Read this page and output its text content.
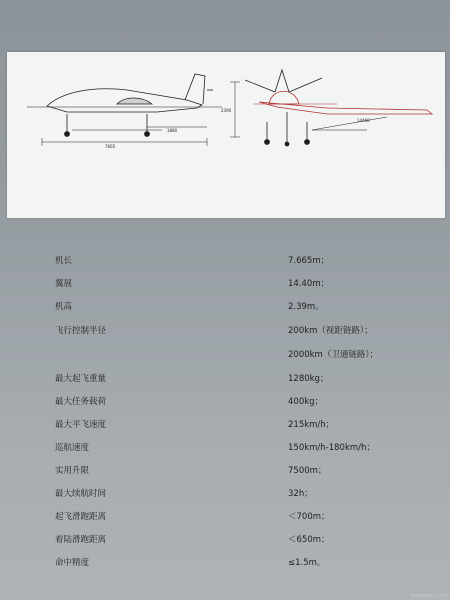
7665
1880
14400
2390
机长	7.665m；
翼展	14.40m；
机高	2.39m。
飞行控制半径	200km（视距链路）；
2000km（卫通链路）；
最大起飞重量	1280kg；
最大任务载荷	400kg；
最大平飞速度	215km/h；
巡航速度	150km/h-180km/h；
实用升限	7500m；
最大续航时间	32h；
起飞滑跑距离	＜700m；
着陆滑跑距离	＜650m；
命中精度	≤1.5m。
www.xxxx.com
